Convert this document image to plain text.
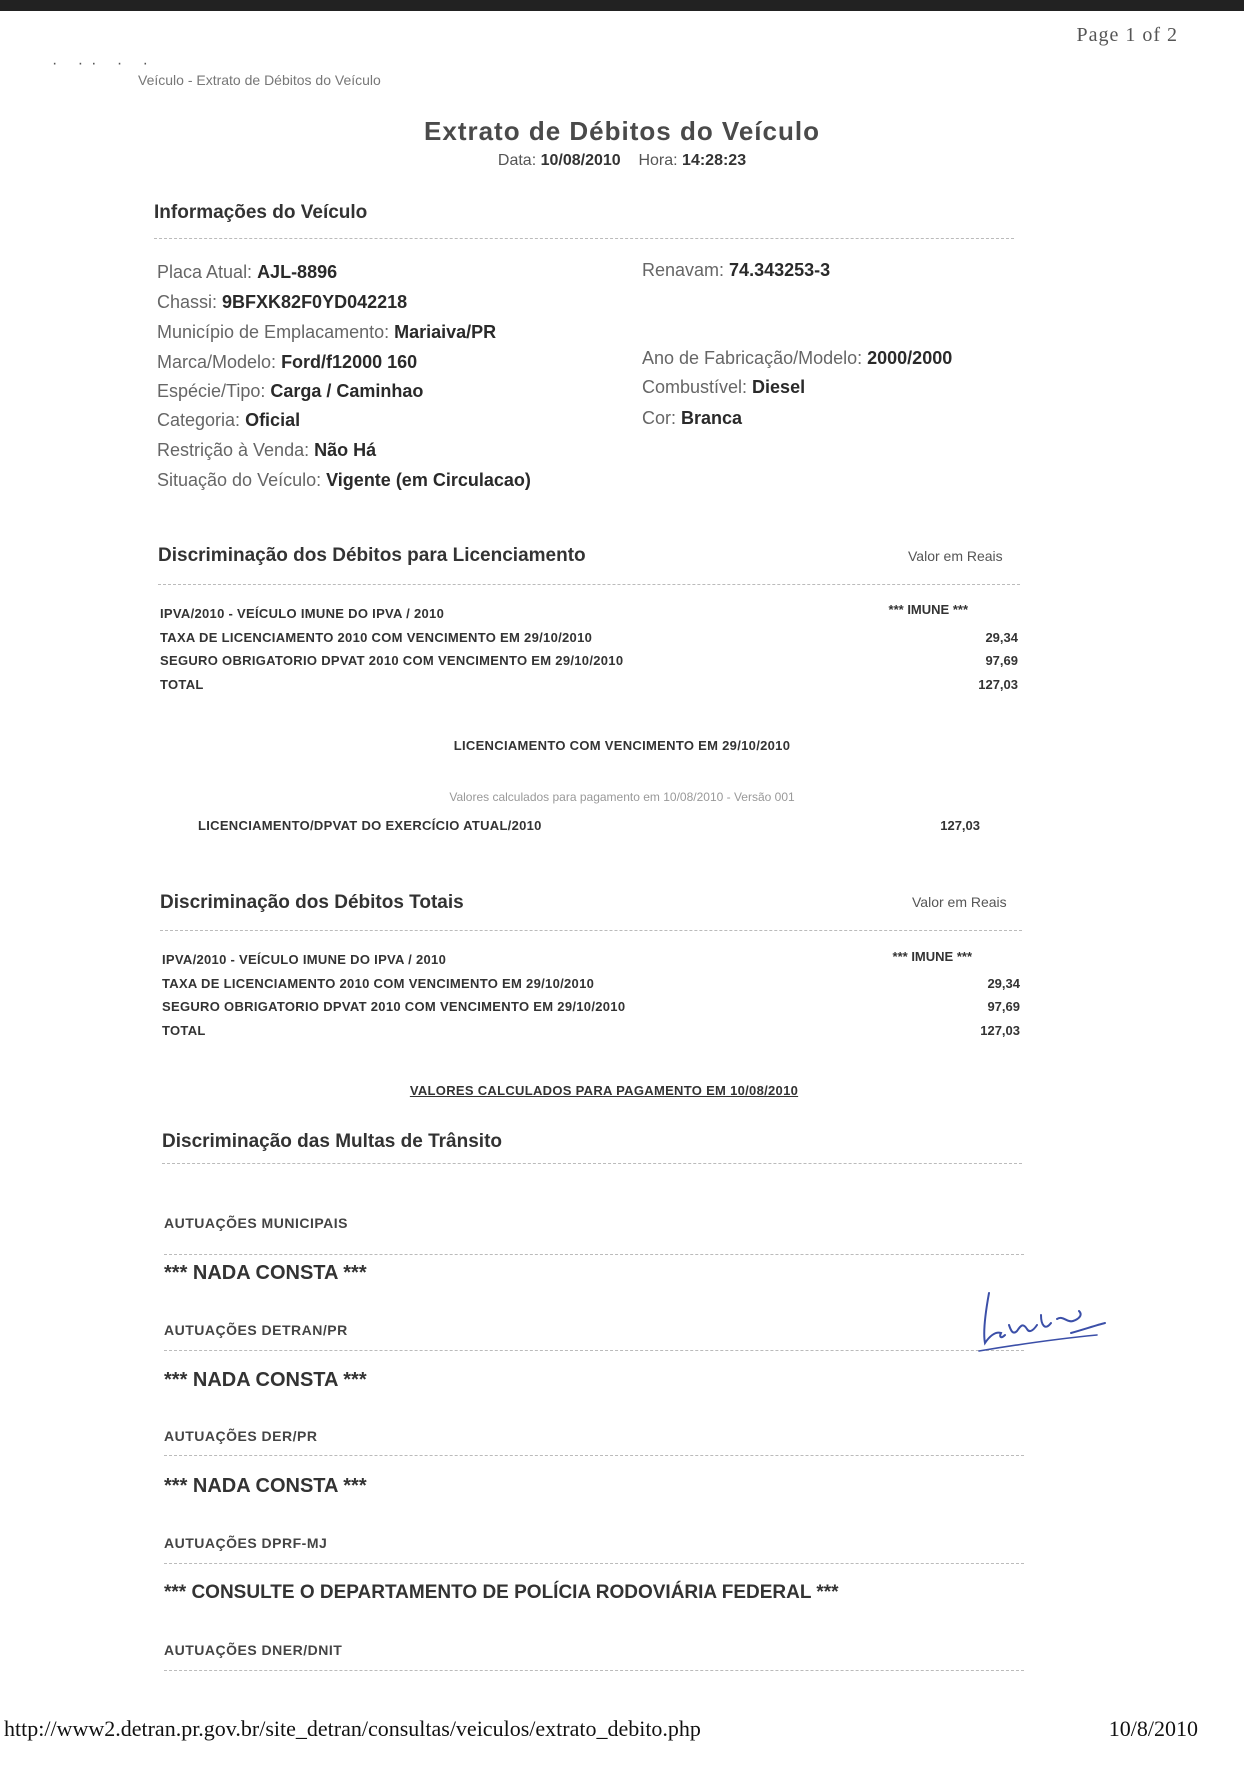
Page 1 of 2
· ·· · ·
Veículo - Extrato de Débitos do Veículo
Extrato de Débitos do Veículo
Data: 10/08/2010 Hora: 14:28:23
Informações do Veículo
Placa Atual: AJL-8896
Chassi: 9BFXK82F0YD042218
Município de Emplacamento: Mariaiva/PR
Marca/Modelo: Ford/f12000 160
Espécie/Tipo: Carga / Caminhao
Categoria: Oficial
Restrição à Venda: Não Há
Situação do Veículo: Vigente (em Circulacao)
Renavam: 74.343253-3
Ano de Fabricação/Modelo: 2000/2000
Combustível: Diesel
Cor: Branca
Discriminação dos Débitos para Licenciamento	Valor em Reais
IPVA/2010 - VEÍCULO IMUNE DO IPVA / 2010	*** IMUNE ***
TAXA DE LICENCIAMENTO 2010 COM VENCIMENTO EM 29/10/2010	29,34
SEGURO OBRIGATORIO DPVAT 2010 COM VENCIMENTO EM 29/10/2010	97,69
TOTAL	127,03
LICENCIAMENTO COM VENCIMENTO EM 29/10/2010
Valores calculados para pagamento em 10/08/2010 - Versão 001
LICENCIAMENTO/DPVAT DO EXERCÍCIO ATUAL/2010	127,03
Discriminação dos Débitos Totais	Valor em Reais
IPVA/2010 - VEÍCULO IMUNE DO IPVA / 2010	*** IMUNE ***
TAXA DE LICENCIAMENTO 2010 COM VENCIMENTO EM 29/10/2010	29,34
SEGURO OBRIGATORIO DPVAT 2010 COM VENCIMENTO EM 29/10/2010	97,69
TOTAL	127,03
VALORES CALCULADOS PARA PAGAMENTO EM 10/08/2010
Discriminação das Multas de Trânsito
AUTUAÇÕES MUNICIPAIS
*** NADA CONSTA ***
AUTUAÇÕES DETRAN/PR
*** NADA CONSTA ***
AUTUAÇÕES DER/PR
*** NADA CONSTA ***
AUTUAÇÕES DPRF-MJ
*** CONSULTE O DEPARTAMENTO DE POLÍCIA RODOVIÁRIA FEDERAL ***
AUTUAÇÕES DNER/DNIT
http://www2.detran.pr.gov.br/site_detran/consultas/veiculos/extrato_debito.php	10/8/2010
